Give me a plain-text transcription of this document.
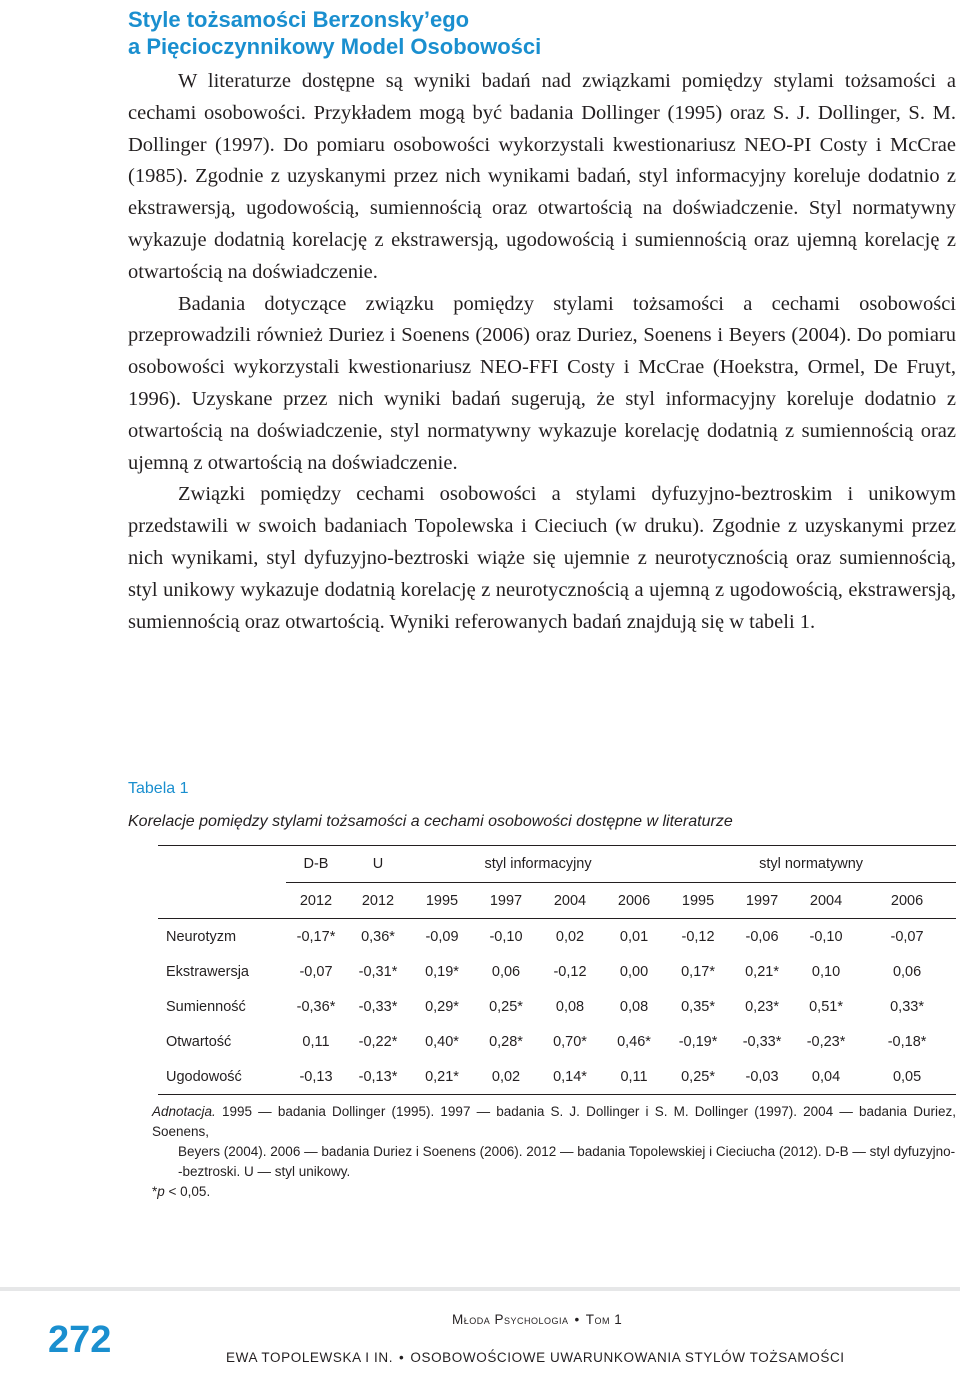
Style tożsamości Berzonsky’ego
a Pięcioczynnikowy Model Osobowości

W literaturze dostępne są wyniki badań nad związkami pomiędzy stylami tożsamości a cechami osobowości. Przykładem mogą być badania Dollinger (1995) oraz S. J. Dollinger, S. M. Dollinger (1997). Do pomiaru osobowości wykorzystali kwestionariusz NEO-PI Costy i McCrae (1985). Zgodnie z uzyskanymi przez nich wynikami badań, styl informacyjny koreluje dodatnio z ekstrawersją, ugodowością, sumiennością oraz otwartością na doświadczenie. Styl normatywny wykazuje dodatnią korelację z ekstrawersją, ugodowością i sumiennością oraz ujemną korelację z otwartością na doświadczenie.

Badania dotyczące związku pomiędzy stylami tożsamości a cechami osobowości przeprowadzili również Duriez i Soenens (2006) oraz Duriez, Soenens i Beyers (2004). Do pomiaru osobowości wykorzystali kwestionariusz NEO-FFI Costy i McCrae (Hoekstra, Ormel, De Fruyt, 1996). Uzyskane przez nich wyniki badań sugerują, że styl informacyjny koreluje dodatnio z otwartością na doświadczenie, styl normatywny wykazuje korelację dodatnią z sumiennością oraz ujemną z otwartością na doświadczenie.

Związki pomiędzy cechami osobowości a stylami dyfuzyjno-beztroskim i unikowym przedstawili w swoich badaniach Topolewska i Cieciuch (w druku). Zgodnie z uzyskanymi przez nich wynikami, styl dyfuzyjno-beztroski wiąże się ujemnie z neurotycznością oraz sumiennością, styl unikowy wykazuje dodatnią korelację z neurotycznością a ujemną z ugodowością, ekstrawersją, sumiennością oraz otwartością. Wyniki referowanych badań znajdują się w tabeli 1.

Tabela 1
Korelacje pomiędzy stylami tożsamości a cechami osobowości dostępne w literaturze
	D-B	U	styl informacyjny				styl normatywny			
	2012	2012	1995	1997	2004	2006	1995	1997	2004	2006
Neurotyzm	-0,17*	0,36*	-0,09	-0,10	0,02	0,01	-0,12	-0,06	-0,10	-0,07
Ekstrawersja	-0,07	-0,31*	0,19*	0,06	-0,12	0,00	0,17*	0,21*	0,10	0,06
Sumienność	-0,36*	-0,33*	0,29*	0,25*	0,08	0,08	0,35*	0,23*	0,51*	0,33*
Otwartość	0,11	-0,22*	0,40*	0,28*	0,70*	0,46*	-0,19*	-0,33*	-0,23*	-0,18*
Ugodowość	-0,13	-0,13*	0,21*	0,02	0,14*	0,11	0,25*	-0,03	0,04	0,05
Adnotacja. 1995 — badania Dollinger (1995). 1997 — badania S. J. Dollinger i S. M. Dollinger (1997). 2004 — badania Duriez, Soenens,
Beyers (2004). 2006 — badania Duriez i Soenens (2006). 2012 — badania Topolewskiej i Cieciucha (2012). D-B — styl dyfuzyjno-
-beztroski. U — styl unikowy.
*p < 0,05.
272	Młoda Psychologia • Tom 1
EWA TOPOLEWSKA I IN. • OSOBOWOŚCIOWE UWARUNKOWANIA STYLÓW TOŻSAMOŚCI
